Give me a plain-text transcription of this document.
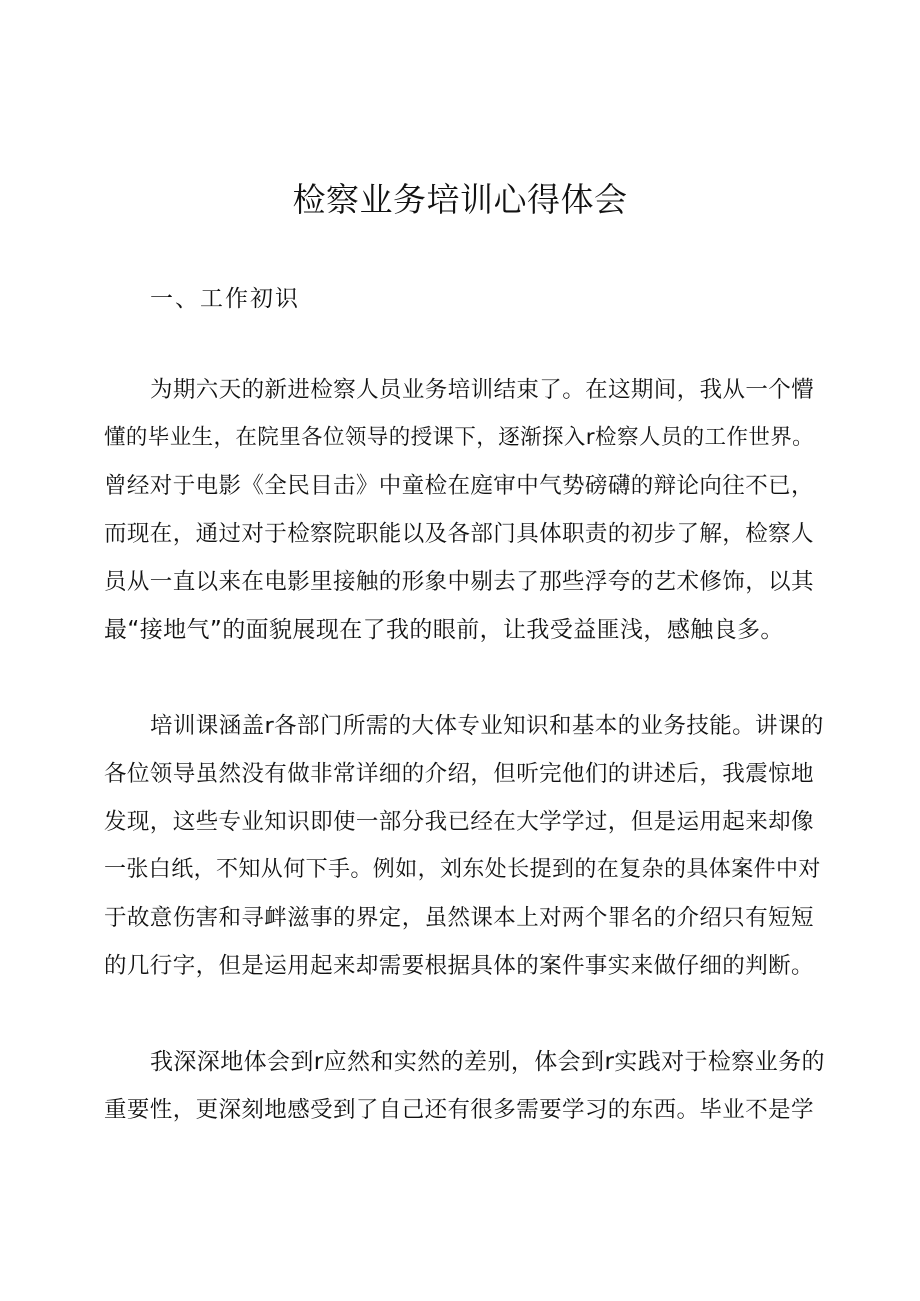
检察业务培训心得体会

一、工作初识

为期六天的新进检察人员业务培训结束了。在这期间，我从一个懵
懂的毕业生，在院里各位领导的授课下，逐渐探入r检察人员的工作世界。
曾经对于电影《全民目击》中童检在庭审中气势磅礴的辩论向往不已，
而现在，通过对于检察院职能以及各部门具体职责的初步了解，检察人
员从一直以来在电影里接触的形象中剔去了那些浮夸的艺术修饰，以其
最“接地气”的面貌展现在了我的眼前，让我受益匪浅，感触良多。
培训课涵盖r各部门所需的大体专业知识和基本的业务技能。讲课的
各位领导虽然没有做非常详细的介绍，但听完他们的讲述后，我震惊地
发现，这些专业知识即使一部分我已经在大学学过，但是运用起来却像
一张白纸，不知从何下手。例如，刘东处长提到的在复杂的具体案件中对
于故意伤害和寻衅滋事的界定，虽然课本上对两个罪名的介绍只有短短
的几行字，但是运用起来却需要根据具体的案件事实来做仔细的判断。
我深深地体会到r应然和实然的差别，体会到r实践对于检察业务的
重要性，更深刻地感受到了自己还有很多需要学习的东西。毕业不是学
